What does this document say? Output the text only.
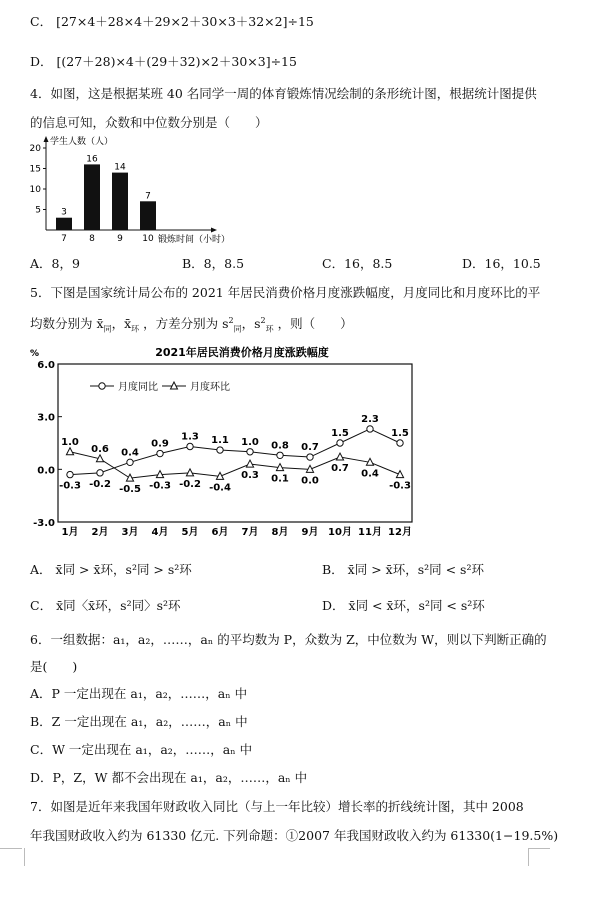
C． [27×4＋28×4＋29×2＋30×3＋32×2]÷15
D． [(27＋28)×4＋(29＋32)×2＋30×3]÷15
4．如图，这是根据某班 40 名同学一周的体育锻炼情况绘制的条形统计图，根据统计图提供
的信息可知，众数和中位数分别是（　　）
学生人数（人）
锻炼时间（小时）
5
10
15
20
3
7
16
8
14
9
7
10
A．8，9	B．8，8.5	C．16，8.5	D．16，10.5
5．下图是国家统计局公布的 2021 年居民消费价格月度涨跌幅度，月度同比和月度环比的平
均数分别为 $x̄_同$，$x̄_环$ ，方差分别为 $s^2_同$，$s^2_环$ ，则（　　）
2021年居民消费价格月度涨跌幅度
%
6.0
3.0
0.0
-3.0
1月 2月 3月 4月 5月 6月 7月 8月 9月 10月 11月 12月
月度同比	月度环比
-0.3 -0.2
0.4
0.9
1.3 1.1 1.0 0.8 0.7
1.5
2.3
1.5
1.0
0.6
-0.5 -0.3 -0.2 -0.4
0.3 0.1 0.0
0.7 0.4
-0.3
A． x̄同 > x̄环，s²同 > s²环	B． x̄同 > x̄环，s²同 < s²环
C． x̄同〈x̄环，s²同〉s²环	D． x̄同 < x̄环，s²同 < s²环
6．一组数据：a₁，a₂，……，aₙ 的平均数为 P，众数为 Z，中位数为 W，则以下判断正确的
是(　　)
A．P 一定出现在 a₁，a₂，……，aₙ 中
B．Z 一定出现在 a₁，a₂，……，aₙ 中
C．W 一定出现在 a₁，a₂，……，aₙ 中
D．P，Z，W 都不会出现在 a₁，a₂，……，aₙ 中
7．如图是近年来我国年财政收入同比（与上一年比较）增长率的折线统计图，其中 2008
年我国财政收入约为 61330 亿元. 下列命题：①2007 年我国财政收入约为 61330(1−19.5%)
